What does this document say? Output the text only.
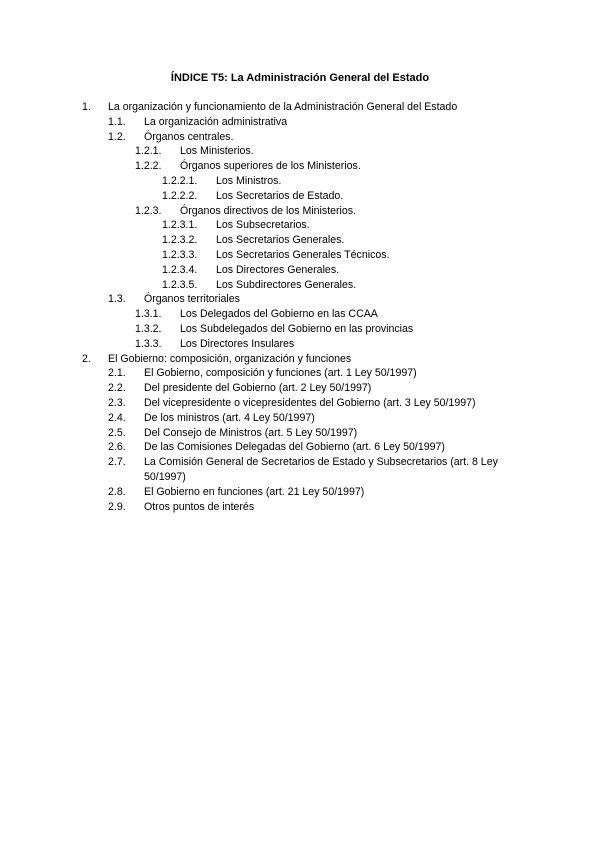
ÍNDICE T5: La Administración General del Estado
1. La organización y funcionamiento de la Administración General del Estado
1.1. La organización administrativa
1.2. Órganos centrales.
1.2.1. Los Ministerios.
1.2.2. Órganos superiores de los Ministerios.
1.2.2.1. Los Ministros.
1.2.2.2. Los Secretarios de Estado.
1.2.3. Órganos directivos de los Ministerios.
1.2.3.1. Los Subsecretarios.
1.2.3.2. Los Secretarios Generales.
1.2.3.3. Los Secretarios Generales Técnicos.
1.2.3.4. Los Directores Generales.
1.2.3.5. Los Subdirectores Generales.
1.3. Órganos territoriales
1.3.1. Los Delegados del Gobierno en las CCAA
1.3.2. Los Subdelegados del Gobierno en las provincias
1.3.3. Los Directores Insulares
2. El Gobierno: composición, organización y funciones
2.1. El Gobierno, composición y funciones (art. 1 Ley 50/1997)
2.2. Del presidente del Gobierno (art. 2 Ley 50/1997)
2.3. Del vicepresidente o vicepresidentes del Gobierno (art. 3 Ley 50/1997)
2.4. De los ministros (art. 4 Ley 50/1997)
2.5. Del Consejo de Ministros (art. 5 Ley 50/1997)
2.6. De las Comisiones Delegadas del Gobierno (art. 6 Ley 50/1997)
2.7. La Comisión General de Secretarios de Estado y Subsecretarios (art. 8 Ley 50/1997)
2.8. El Gobierno en funciones (art. 21 Ley 50/1997)
2.9. Otros puntos de interés
